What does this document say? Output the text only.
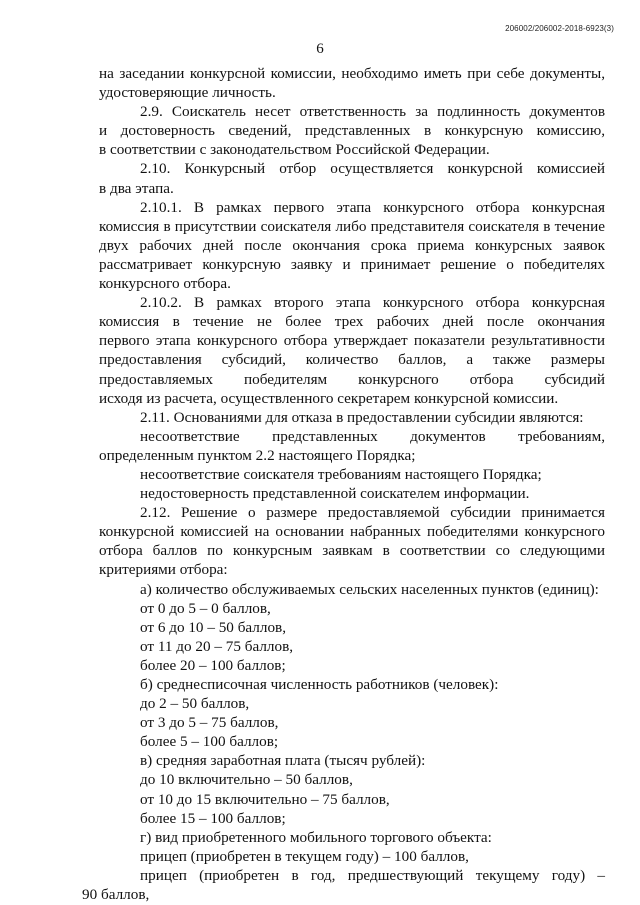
206002/206002-2018-6923(3)
6
на заседании конкурсной комиссии, необходимо иметь при себе документы,
удостоверяющие личность.
2.9. Соискатель несет ответственность за подлинность документов
и достоверность сведений, представленных в конкурсную комиссию,
в соответствии с законодательством Российской Федерации.
2.10. Конкурсный отбор осуществляется конкурсной комиссией
в два этапа.
2.10.1. В рамках первого этапа конкурсного отбора конкурсная
комиссия в присутствии соискателя либо представителя соискателя в течение
двух рабочих дней после окончания срока приема конкурсных заявок
рассматривает конкурсную заявку и принимает решение о победителях
конкурсного отбора.
2.10.2. В рамках второго этапа конкурсного отбора конкурсная
комиссия в течение не более трех рабочих дней после окончания
первого этапа конкурсного отбора утверждает показатели результативности
предоставления субсидий, количество баллов, а также размеры
предоставляемых победителям конкурсного отбора субсидий
исходя из расчета, осуществленного секретарем конкурсной комиссии.
2.11. Основаниями для отказа в предоставлении субсидии являются:
несоответствие представленных документов требованиям,
определенным пунктом 2.2 настоящего Порядка;
несоответствие соискателя требованиям настоящего Порядка;
недостоверность представленной соискателем информации.
2.12. Решение о размере предоставляемой субсидии принимается
конкурсной комиссией на основании набранных победителями конкурсного
отбора баллов по конкурсным заявкам в соответствии со следующими
критериями отбора:
а) количество обслуживаемых сельских населенных пунктов (единиц):
от 0 до 5 – 0 баллов,
от 6 до 10 – 50 баллов,
от 11 до 20 – 75 баллов,
более 20 – 100 баллов;
б) среднесписочная численность работников (человек):
до 2 – 50 баллов,
от 3 до 5 – 75 баллов,
более 5 – 100 баллов;
в) средняя заработная плата (тысяч рублей):
до 10 включительно – 50 баллов,
от 10 до 15 включительно – 75 баллов,
более 15 – 100 баллов;
г) вид приобретенного мобильного торгового объекта:
прицеп (приобретен в текущем году) – 100 баллов,
прицеп (приобретен в год, предшествующий текущему году) –
90 баллов,
